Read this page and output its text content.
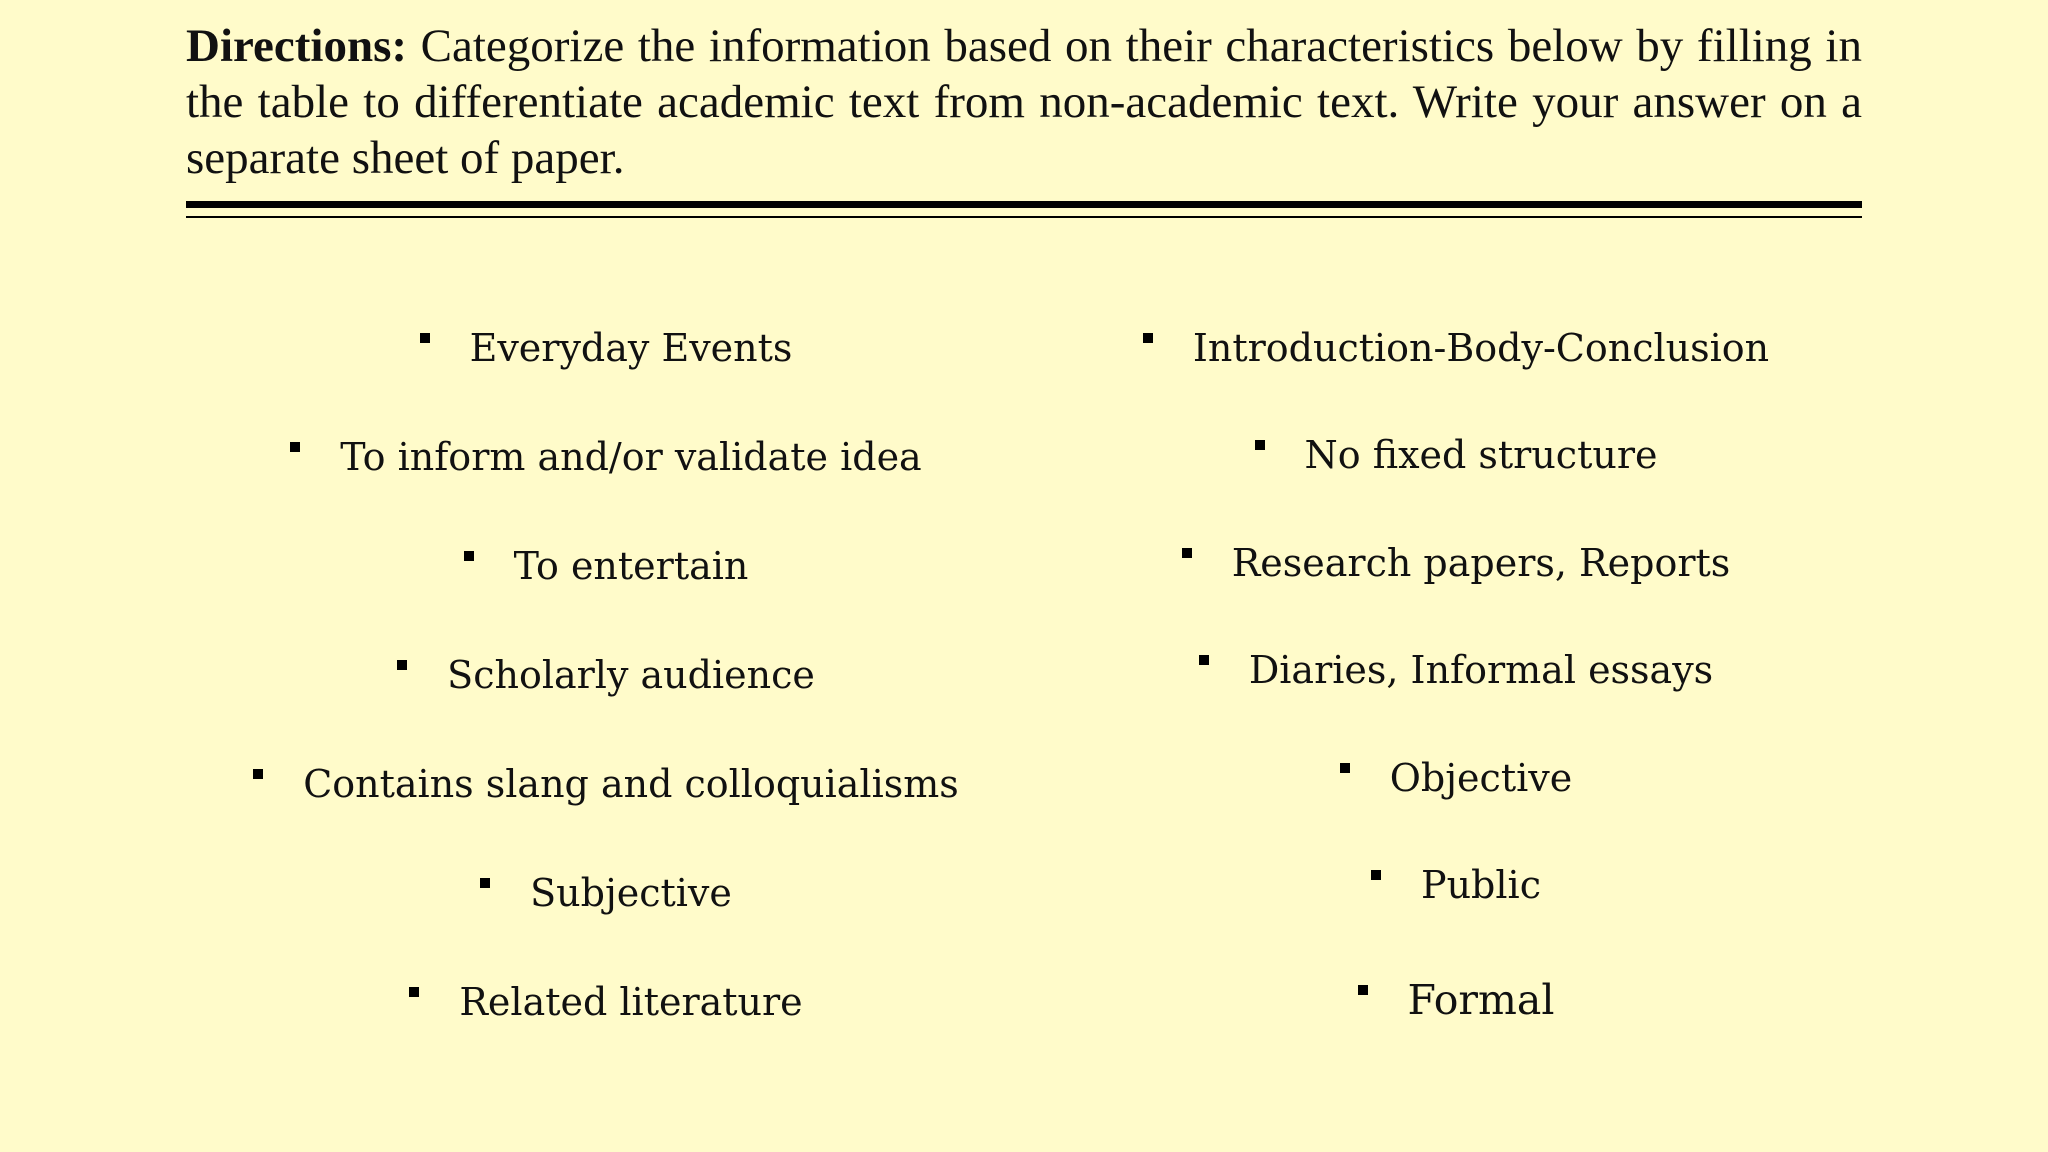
Directions: Categorize the information based on their characteristics below by filling in the table to differentiate academic text from non-academic text. Write your answer on a separate sheet of paper.

Everyday Events
To inform and/or validate idea
To entertain
Scholarly audience
Contains slang and colloquialisms
Subjective
Related literature
Introduction-Body-Conclusion
No fixed structure
Research papers, Reports
Diaries, Informal essays
Objective
Public
Formal
